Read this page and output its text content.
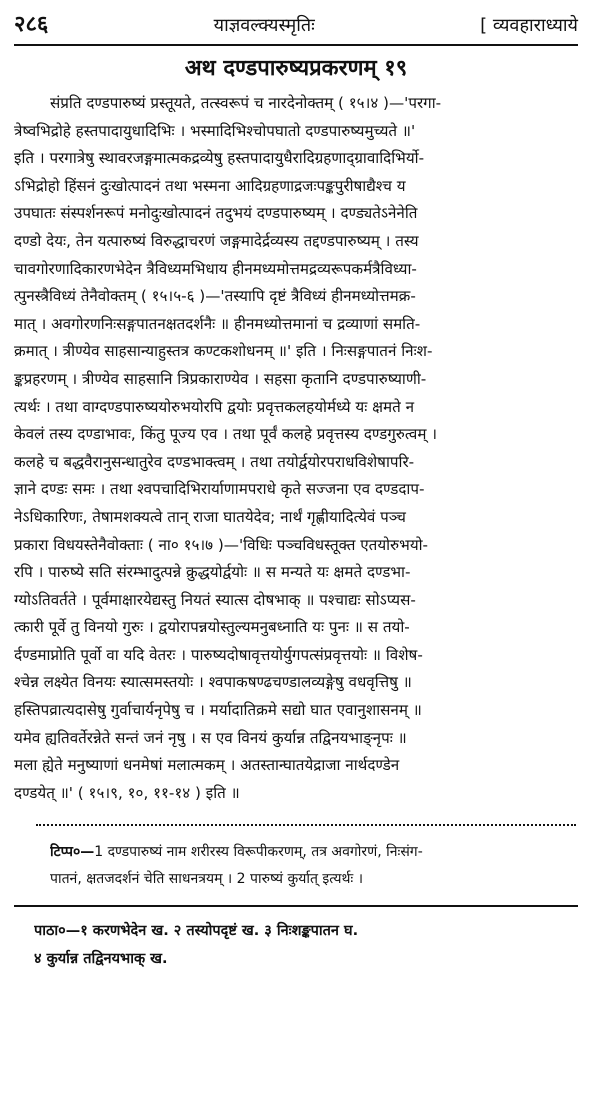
२८६	याज्ञवल्क्यस्मृतिः	[ व्यवहाराध्याये
अथ दण्डपारुष्यप्रकरणम् १९
संप्रति दण्डपारुष्यं प्रस्तूयते, तत्स्वरूपं च नारदेनोक्तम् ( १५।४ )—'परगा-
त्रेष्वभिद्रोहे हस्तपादायुधादिभिः । भस्मादिभिश्चोपघातो दण्डपारुष्यमुच्यते ॥'
इति । परगात्रेषु स्थावरजङ्गमात्मकद्रव्येषु हस्तपादायुधैरादिग्रहणाद्ग्रावादिभिर्यो-
ऽभिद्रोहो हिंसनं दुःखोत्पादनं तथा भस्मना आदिग्रहणाद्रजःपङ्कपुरीषाद्यैश्च य
उपघातः संस्पर्शनरूपं मनोदुःखोत्पादनं तदुभयं दण्डपारुष्यम् । दण्ड्यतेऽनेनेति
दण्डो देयः, तेन यत्पारुष्यं विरुद्धाचरणं जङ्गमादेर्द्रव्यस्य तद्दण्डपारुष्यम् । तस्य
चावगोरणादिकारणभेदेन त्रैविध्यमभिधाय हीनमध्यमोत्तमद्रव्यरूपकर्मत्रैविध्या-
त्पुनस्त्रैविध्यं तेनैवोक्तम् ( १५।५-६ )—'तस्यापि दृष्टं त्रैविध्यं हीनमध्योत्तमक्र-
मात् । अवगोरणनिःसङ्गपातनक्षतदर्शनैः ॥ हीनमध्योत्तमानां च द्रव्याणां समति-
क्रमात् । त्रीण्येव साहसान्याहुस्तत्र कण्टकशोधनम् ॥' इति । निःसङ्गपातनं निःश-
ङ्कप्रहरणम् । त्रीण्येव साहसानि त्रिप्रकाराण्येव । सहसा कृतानि दण्डपारुष्याणी-
त्यर्थः । तथा वाग्दण्डपारुष्ययोरुभयोरपि द्वयोः प्रवृत्तकलहयोर्मध्ये यः क्षमते न
केवलं तस्य दण्डाभावः, किंतु पूज्य एव । तथा पूर्वं कलहे प्रवृत्तस्य दण्डगुरुत्वम् ।
कलहे च बद्धवैरानुसन्धातुरेव दण्डभाक्त्वम् । तथा तयोर्द्वयोरपराधविशेषापरि-
ज्ञाने दण्डः समः । तथा श्वपचादिभिरार्याणामपराधे कृते सज्जना एव दण्डदाप-
नेऽधिकारिणः, तेषामशक्यत्वे तान् राजा घातयेदेव; नार्थं गृह्णीयादित्येवं पञ्च
प्रकारा विधयस्तेनैवोक्ताः ( ना० १५।७ )—'विधिः पञ्चविधस्तूक्त एतयोरुभयो-
रपि । पारुष्ये सति संरम्भादुत्पन्ने क्रुद्धयोर्द्वयोः ॥ स मन्यते यः क्षमते दण्डभा-
ग्योऽतिवर्तते । पूर्वमाक्षारयेद्यस्तु नियतं स्यात्स दोषभाक् ॥ पश्चाद्यः सोऽप्यस-
त्कारी पूर्वे तु विनयो गुरुः । द्वयोरापन्नयोस्तुल्यमनुबध्नाति यः पुनः ॥ स तयो-
र्दण्डमाप्नोति पूर्वो वा यदि वेतरः । पारुष्यदोषावृत्तयोर्युगपत्संप्रवृत्तयोः ॥ विशेष-
श्चेन्न लक्ष्येत विनयः स्यात्समस्तयोः । श्वपाकषण्ढचण्डालव्यङ्गेषु वधवृत्तिषु ॥
हस्तिपव्रात्यदासेषु गुर्वाचार्यनृपेषु च । मर्यादातिक्रमे सद्यो घात एवानुशासनम् ॥
यमेव ह्यतिवर्तेरन्नेते सन्तं जनं नृषु । स एव विनयं कुर्यान्न तद्विनयभाङ्नृपः ॥
मला ह्येते मनुष्याणां धनमेषां मलात्मकम् । अतस्तान्घातयेद्राजा नार्थदण्डेन
दण्डयेत् ॥' ( १५।९, १०, ११-१४ ) इति ॥
टिप्प०—1 दण्डपारुष्यं नाम शरीरस्य विरूपीकरणम्, तत्र अवगोरणं, निःसंग-
पातनं, क्षतजदर्शनं चेति साधनत्रयम् । 2 पारुष्यं कुर्यात् इत्यर्थः ।
पाठा०—१ करणभेदेन ख. २ तस्योपदृष्टं ख. ३ निःशङ्कपातन घ.
४ कुर्यान्न तद्विनयभाक् ख.
